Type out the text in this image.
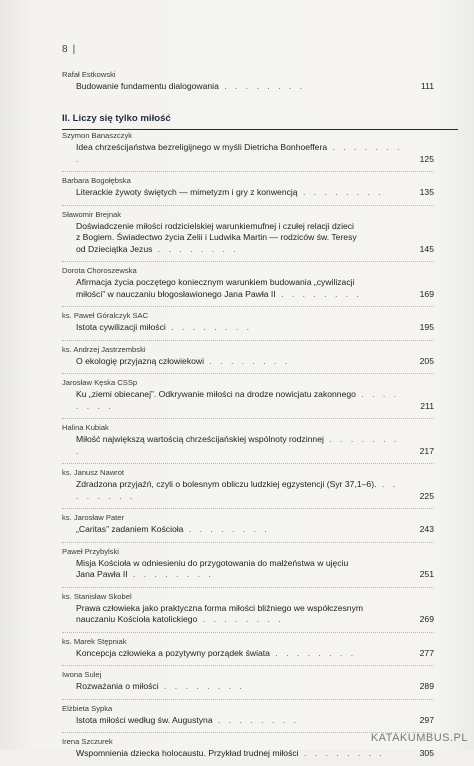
8 |
Rafał Estkowski
Budowanie fundamentu dialogowania . . . . . . . .	111
II. Liczy się tylko miłość
Szymon Banaszczyk
Idea chrześcijaństwa bezreligijnego w myśli Dietricha Bonhoeffera . . . . . . . .	125
Barbara Bogołębska
Literackie żywoty świętych — mimetyzm i gry z konwencją . . . . . . . .	135
Sławomir Brejnak
Doświadczenie miłości rodzicielskiej warunkiemufnej i czułej relacji dzieci
z Bogiem. Świadectwo życia Zelii i Ludwika Martin — rodziców św. Teresy
od Dzieciątka Jezus . . . . . . . .	145
Dorota Choroszewska
Afirmacja życia poczętego koniecznym warunkiem budowania „cywilizacji
miłości” w nauczaniu błogosławionego Jana Pawła II . . . . . . . .	169
ks. Paweł Góralczyk SAC
Istota cywilizacji miłości . . . . . . . .	195
ks. Andrzej Jastrzembski
O ekologię przyjazną człowiekowi . . . . . . . .	205
Jarosław Kęska CSSp
Ku „ziemi obiecanej”. Odkrywanie miłości na drodze nowicjatu zakonnego . . . . . . . .	211
Halina Kubiak
Miłość największą wartością chrześcijańskiej wspólnoty rodzinnej . . . . . . . .	217
ks. Janusz Nawrot
Zdradzona przyjaźń, czyli o bolesnym obliczu ludzkiej egzystencji (Syr 37,1–6). . . . . . . . .	225
ks. Jarosław Pater
„Caritas” zadaniem Kościoła . . . . . . . .	243
Paweł Przybylski
Misja Kościoła w odniesieniu do przygotowania do małżeństwa w ujęciu
Jana Pawła II . . . . . . . .	251
ks. Stanisław Skobel
Prawa człowieka jako praktyczna forma miłości bliźniego we współczesnym
nauczaniu Kościoła katolickiego . . . . . . . .	269
ks. Marek Stępniak
Koncepcja człowieka a pozytywny porządek świata . . . . . . . .	277
Iwona Sulej
Rozważania o miłości . . . . . . . .	289
Elżbieta Sypka
Istota miłości według św. Augustyna . . . . . . . .	297
Irena Szczurek
Wspomnienia dziecka holocaustu. Przykład trudnej miłości . . . . . . . .	305
KATAKUMBUS.PL
